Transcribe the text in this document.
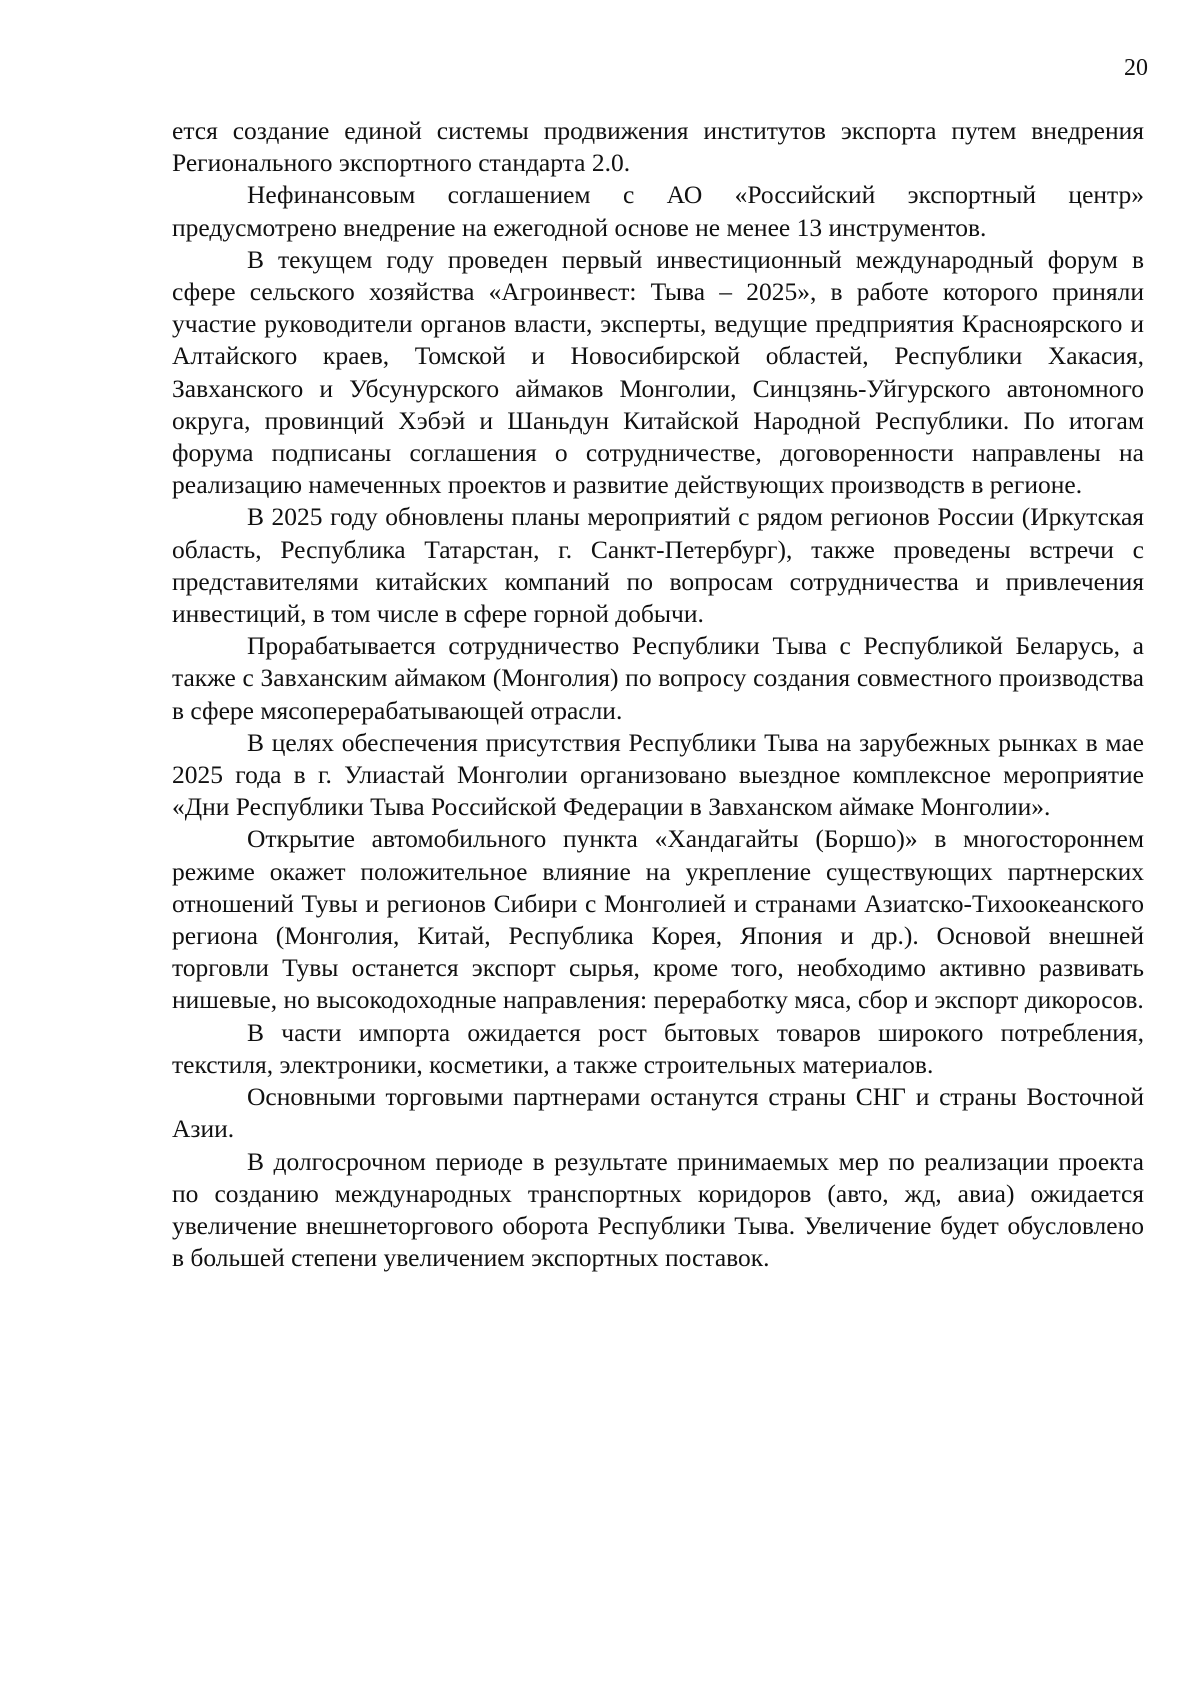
20

ется создание единой системы продвижения институтов экспорта путем внедрения Регионального экспортного стандарта 2.0.

Нефинансовым соглашением с АО «Российский экспортный центр» предусмотрено внедрение на ежегодной основе не менее 13 инструментов.

В текущем году проведен первый инвестиционный международный форум в сфере сельского хозяйства «Агроинвест: Тыва – 2025», в работе которого приняли участие руководители органов власти, эксперты, ведущие предприятия Красноярского и Алтайского краев, Томской и Новосибирской областей, Республики Хакасия, Завханского и Убсунурского аймаков Монголии, Синцзянь-Уйгурского автономного округа, провинций Хэбэй и Шаньдун Китайской Народной Республики. По итогам форума подписаны соглашения о сотрудничестве, договоренности направлены на реализацию намеченных проектов и развитие действующих производств в регионе.

В 2025 году обновлены планы мероприятий с рядом регионов России (Иркутская область, Республика Татарстан, г. Санкт-Петербург), также проведены встречи с представителями китайских компаний по вопросам сотрудничества и привлечения инвестиций, в том числе в сфере горной добычи.

Прорабатывается сотрудничество Республики Тыва с Республикой Беларусь, а также с Завханским аймаком (Монголия) по вопросу создания совместного производства в сфере мясоперерабатывающей отрасли.

В целях обеспечения присутствия Республики Тыва на зарубежных рынках в мае 2025 года в г. Улиастай Монголии организовано выездное комплексное мероприятие «Дни Республики Тыва Российской Федерации в Завханском аймаке Монголии».

Открытие автомобильного пункта «Хандагайты (Боршо)» в многостороннем режиме окажет положительное влияние на укрепление существующих партнерских отношений Тувы и регионов Сибири с Монголией и странами Азиатско-Тихоокеанского региона (Монголия, Китай, Республика Корея, Япония и др.). Основой внешней торговли Тувы останется экспорт сырья, кроме того, необходимо активно развивать нишевые, но высокодоходные направления: переработку мяса, сбор и экспорт дикоросов.

В части импорта ожидается рост бытовых товаров широкого потребления, текстиля, электроники, косметики, а также строительных материалов.

Основными торговыми партнерами останутся страны СНГ и страны Восточной Азии.

В долгосрочном периоде в результате принимаемых мер по реализации проекта по созданию международных транспортных коридоров (авто, жд, авиа) ожидается увеличение внешнеторгового оборота Республики Тыва. Увеличение будет обусловлено в большей степени увеличением экспортных поставок.
